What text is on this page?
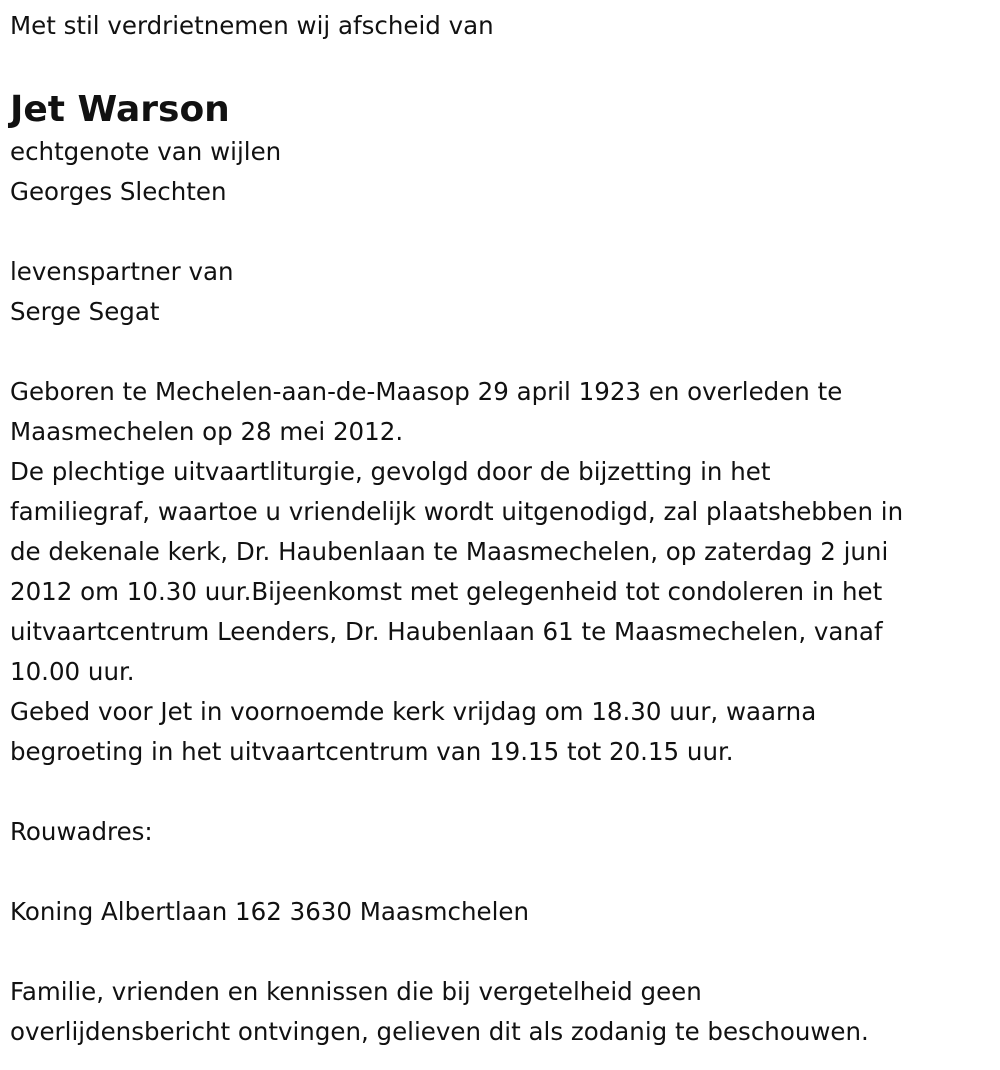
Met stil verdrietnemen wij afscheid van

Jet Warson

echtgenote van wijlen

Georges Slechten

levenspartner van

Serge Segat

Geboren te Mechelen-aan-de-Maasop 29 april 1923 en overleden te

Maasmechelen op 28 mei 2012.

De plechtige uitvaartliturgie, gevolgd door de bijzetting in het

familiegraf, waartoe u vriendelijk wordt uitgenodigd, zal plaatshebben in

de dekenale kerk, Dr. Haubenlaan te Maasmechelen, op zaterdag 2 juni

2012 om 10.30 uur.Bijeenkomst met gelegenheid tot condoleren in het

uitvaartcentrum Leenders, Dr. Haubenlaan 61 te Maasmechelen, vanaf

10.00 uur.

Gebed voor Jet in voornoemde kerk vrijdag om 18.30 uur, waarna

begroeting in het uitvaartcentrum van 19.15 tot 20.15 uur.

Rouwadres:

Koning Albertlaan 162 3630 Maasmchelen

Familie, vrienden en kennissen die bij vergetelheid geen

overlijdensbericht ontvingen, gelieven dit als zodanig te beschouwen.
